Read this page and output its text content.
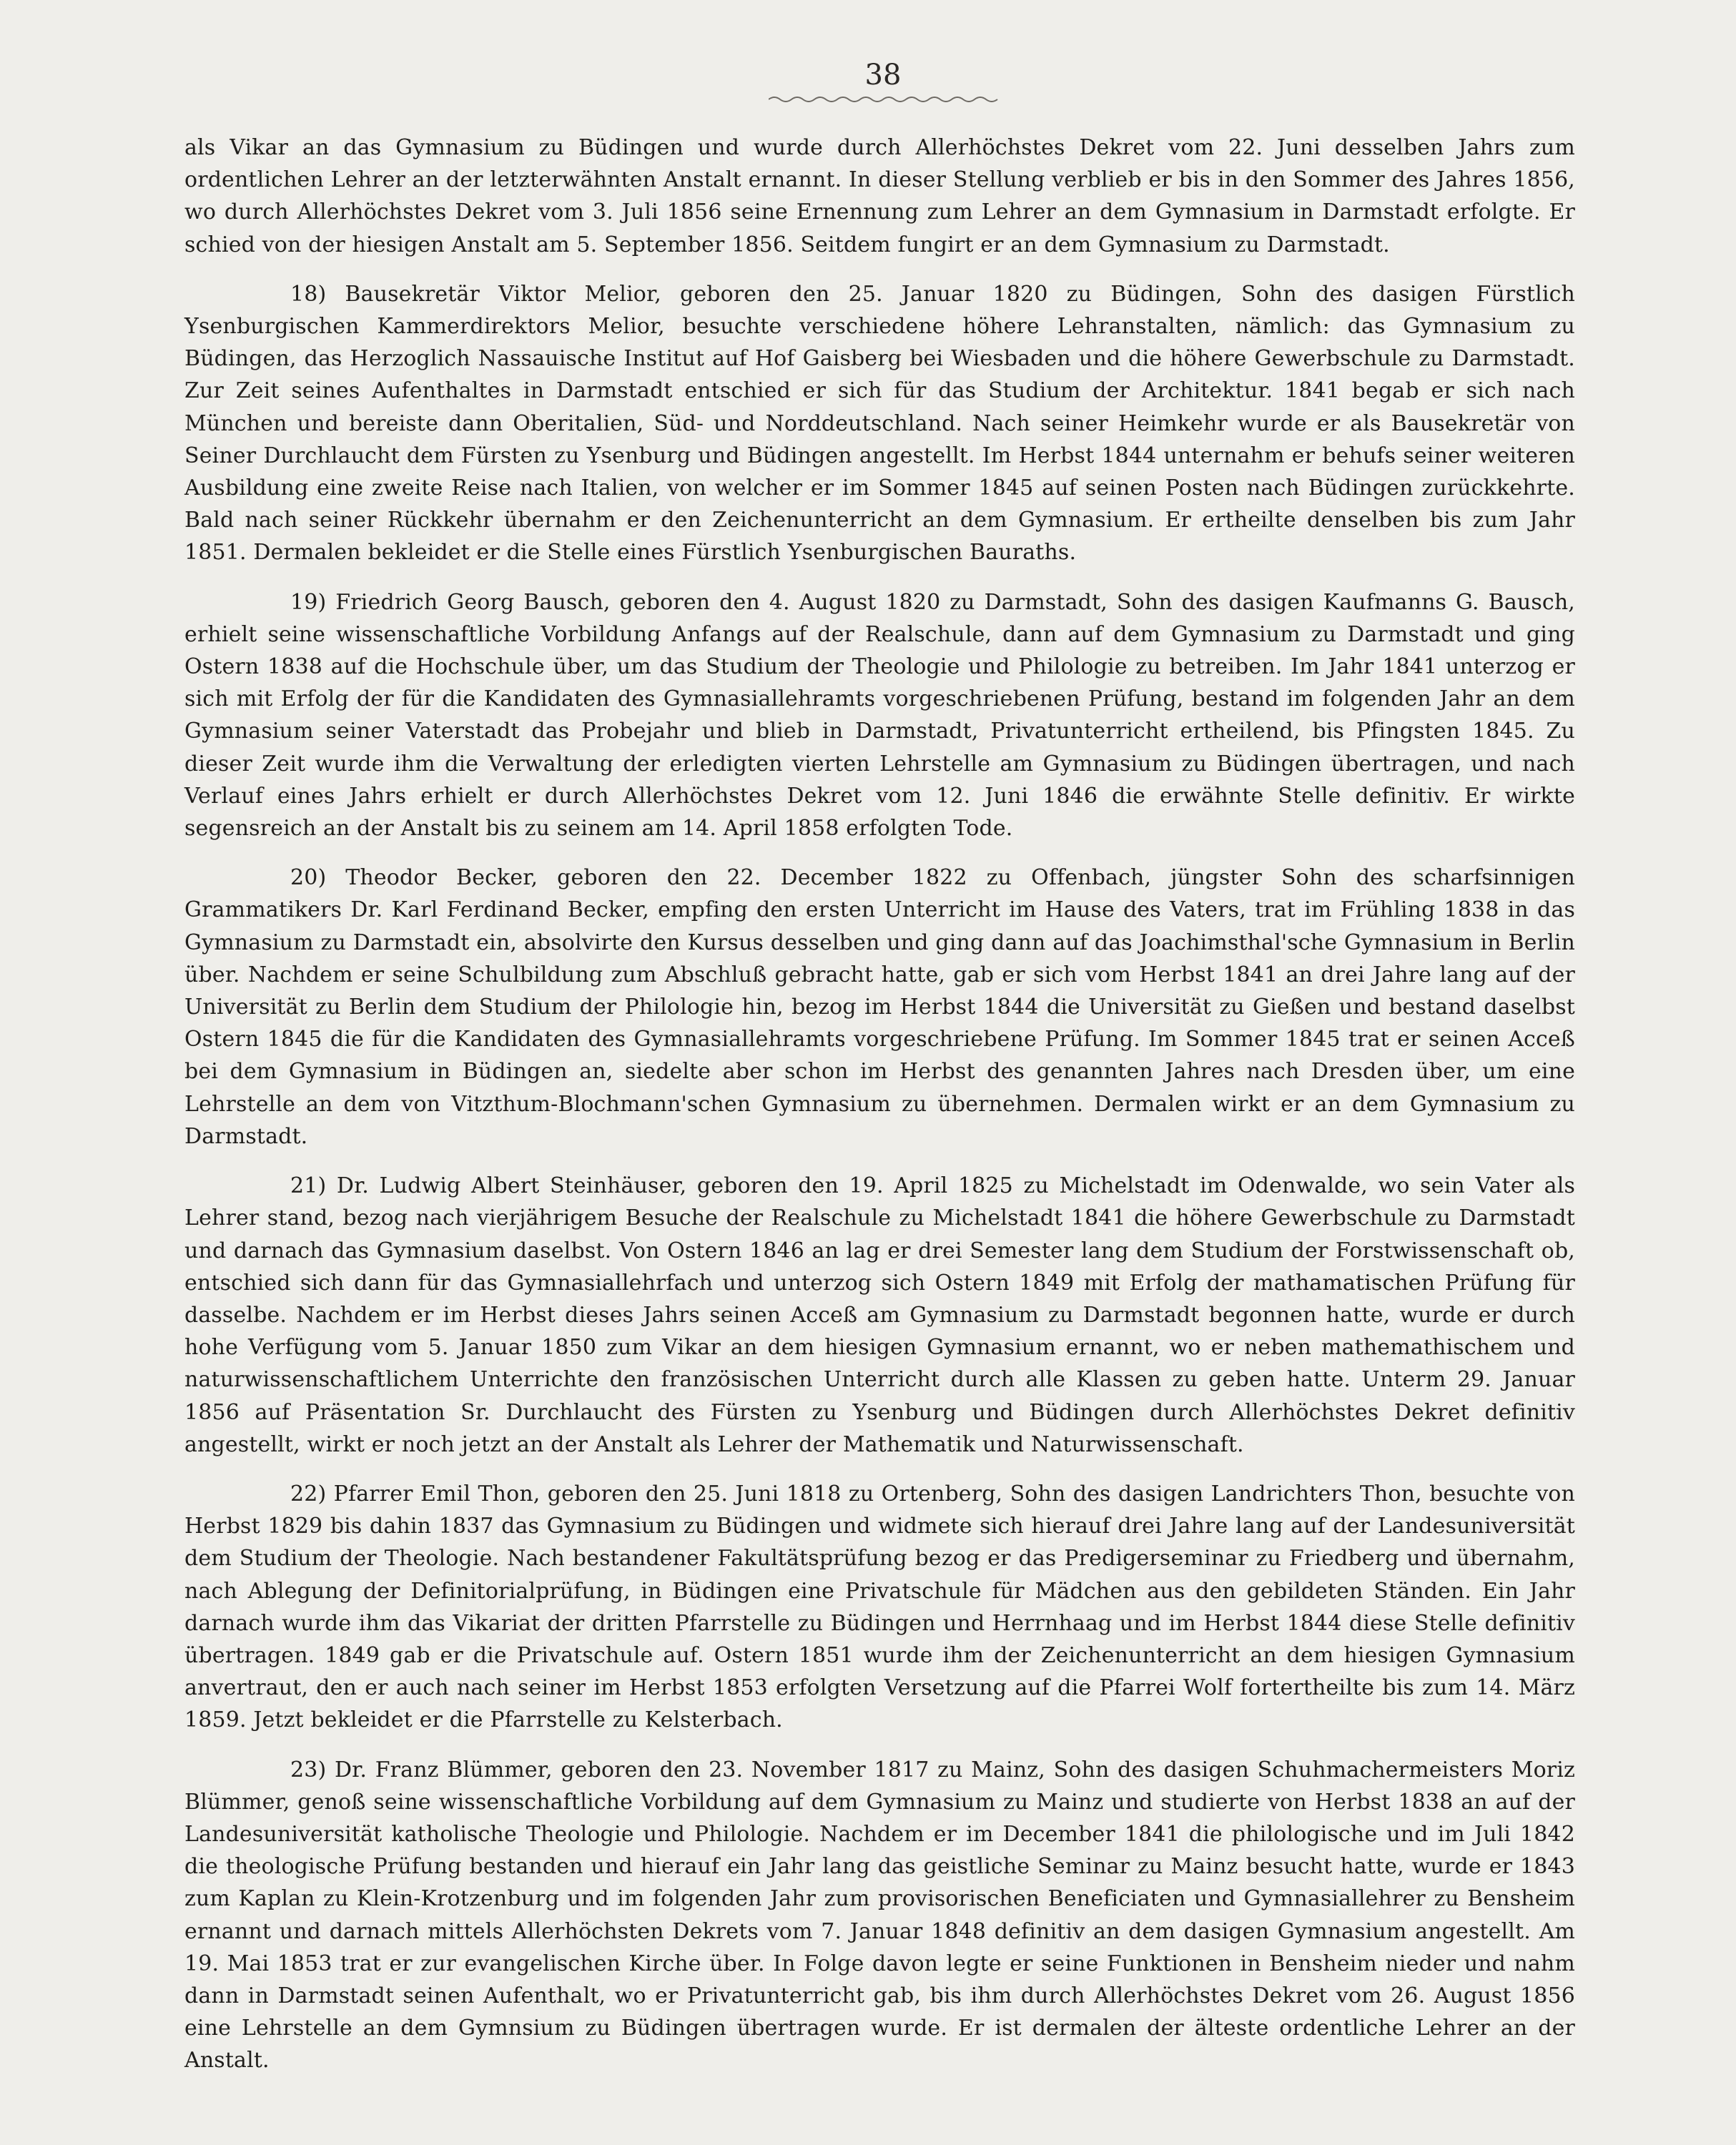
38

als Vikar an das Gymnasium zu Büdingen und wurde durch Allerhöchstes Dekret vom 22. Juni desselben Jahrs zum ordentlichen Lehrer an der letzterwähnten Anstalt ernannt. In dieser Stellung verblieb er bis in den Sommer des Jahres 1856, wo durch Allerhöchstes Dekret vom 3. Juli 1856 seine Ernennung zum Lehrer an dem Gymnasium in Darmstadt erfolgte. Er schied von der hiesigen Anstalt am 5. September 1856. Seitdem fungirt er an dem Gymnasium zu Darmstadt.

18) Bausekretär Viktor Melior, geboren den 25. Januar 1820 zu Büdingen, Sohn des dasigen Fürstlich Ysenburgischen Kammerdirektors Melior, besuchte verschiedene höhere Lehranstalten, nämlich: das Gymnasium zu Büdingen, das Herzoglich Nassauische Institut auf Hof Gaisberg bei Wiesbaden und die höhere Gewerbschule zu Darmstadt. Zur Zeit seines Aufenthaltes in Darmstadt entschied er sich für das Studium der Architektur. 1841 begab er sich nach München und bereiste dann Oberitalien, Süd- und Norddeutschland. Nach seiner Heimkehr wurde er als Bausekretär von Seiner Durchlaucht dem Fürsten zu Ysenburg und Büdingen angestellt. Im Herbst 1844 unternahm er behufs seiner weiteren Ausbildung eine zweite Reise nach Italien, von welcher er im Sommer 1845 auf seinen Posten nach Büdingen zurückkehrte. Bald nach seiner Rückkehr übernahm er den Zeichenunterricht an dem Gymnasium. Er ertheilte denselben bis zum Jahr 1851. Dermalen bekleidet er die Stelle eines Fürstlich Ysenburgischen Bauraths.

19) Friedrich Georg Bausch, geboren den 4. August 1820 zu Darmstadt, Sohn des dasigen Kaufmanns G. Bausch, erhielt seine wissenschaftliche Vorbildung Anfangs auf der Realschule, dann auf dem Gymnasium zu Darmstadt und ging Ostern 1838 auf die Hochschule über, um das Studium der Theologie und Philologie zu betreiben. Im Jahr 1841 unterzog er sich mit Erfolg der für die Kandidaten des Gymnasiallehramts vorgeschriebenen Prüfung, bestand im folgenden Jahr an dem Gymnasium seiner Vaterstadt das Probejahr und blieb in Darmstadt, Privatunterricht ertheilend, bis Pfingsten 1845. Zu dieser Zeit wurde ihm die Verwaltung der erledigten vierten Lehrstelle am Gymnasium zu Büdingen übertragen, und nach Verlauf eines Jahrs erhielt er durch Allerhöchstes Dekret vom 12. Juni 1846 die erwähnte Stelle definitiv. Er wirkte segensreich an der Anstalt bis zu seinem am 14. April 1858 erfolgten Tode.

20) Theodor Becker, geboren den 22. December 1822 zu Offenbach, jüngster Sohn des scharfsinnigen Grammatikers Dr. Karl Ferdinand Becker, empfing den ersten Unterricht im Hause des Vaters, trat im Frühling 1838 in das Gymnasium zu Darmstadt ein, absolvirte den Kursus desselben und ging dann auf das Joachimsthal'sche Gymnasium in Berlin über. Nachdem er seine Schulbildung zum Abschluß gebracht hatte, gab er sich vom Herbst 1841 an drei Jahre lang auf der Universität zu Berlin dem Studium der Philologie hin, bezog im Herbst 1844 die Universität zu Gießen und bestand daselbst Ostern 1845 die für die Kandidaten des Gymnasiallehramts vorgeschriebene Prüfung. Im Sommer 1845 trat er seinen Acceß bei dem Gymnasium in Büdingen an, siedelte aber schon im Herbst des genannten Jahres nach Dresden über, um eine Lehrstelle an dem von Vitzthum-Blochmann'schen Gymnasium zu übernehmen. Dermalen wirkt er an dem Gymnasium zu Darmstadt.

21) Dr. Ludwig Albert Steinhäuser, geboren den 19. April 1825 zu Michelstadt im Odenwalde, wo sein Vater als Lehrer stand, bezog nach vierjährigem Besuche der Realschule zu Michelstadt 1841 die höhere Gewerbschule zu Darmstadt und darnach das Gymnasium daselbst. Von Ostern 1846 an lag er drei Semester lang dem Studium der Forstwissenschaft ob, entschied sich dann für das Gymnasiallehrfach und unterzog sich Ostern 1849 mit Erfolg der mathamatischen Prüfung für dasselbe. Nachdem er im Herbst dieses Jahrs seinen Acceß am Gymnasium zu Darmstadt begonnen hatte, wurde er durch hohe Verfügung vom 5. Januar 1850 zum Vikar an dem hiesigen Gymnasium ernannt, wo er neben mathemathischem und naturwissenschaftlichem Unterrichte den französischen Unterricht durch alle Klassen zu geben hatte. Unterm 29. Januar 1856 auf Präsentation Sr. Durchlaucht des Fürsten zu Ysenburg und Büdingen durch Allerhöchstes Dekret definitiv angestellt, wirkt er noch jetzt an der Anstalt als Lehrer der Mathematik und Naturwissenschaft.

22) Pfarrer Emil Thon, geboren den 25. Juni 1818 zu Ortenberg, Sohn des dasigen Landrichters Thon, besuchte von Herbst 1829 bis dahin 1837 das Gymnasium zu Büdingen und widmete sich hierauf drei Jahre lang auf der Landesuniversität dem Studium der Theologie. Nach bestandener Fakultätsprüfung bezog er das Predigerseminar zu Friedberg und übernahm, nach Ablegung der Definitorialprüfung, in Büdingen eine Privatschule für Mädchen aus den gebildeten Ständen. Ein Jahr darnach wurde ihm das Vikariat der dritten Pfarrstelle zu Büdingen und Herrnhaag und im Herbst 1844 diese Stelle definitiv übertragen. 1849 gab er die Privatschule auf. Ostern 1851 wurde ihm der Zeichenunterricht an dem hiesigen Gymnasium anvertraut, den er auch nach seiner im Herbst 1853 erfolgten Versetzung auf die Pfarrei Wolf fortertheilte bis zum 14. März 1859. Jetzt bekleidet er die Pfarrstelle zu Kelsterbach.

23) Dr. Franz Blümmer, geboren den 23. November 1817 zu Mainz, Sohn des dasigen Schuhmachermeisters Moriz Blümmer, genoß seine wissenschaftliche Vorbildung auf dem Gymnasium zu Mainz und studierte von Herbst 1838 an auf der Landesuniversität katholische Theologie und Philologie. Nachdem er im December 1841 die philologische und im Juli 1842 die theologische Prüfung bestanden und hierauf ein Jahr lang das geistliche Seminar zu Mainz besucht hatte, wurde er 1843 zum Kaplan zu Klein-Krotzenburg und im folgenden Jahr zum provisorischen Beneficiaten und Gymnasiallehrer zu Bensheim ernannt und darnach mittels Allerhöchsten Dekrets vom 7. Januar 1848 definitiv an dem dasigen Gymnasium angestellt. Am 19. Mai 1853 trat er zur evangelischen Kirche über. In Folge davon legte er seine Funktionen in Bensheim nieder und nahm dann in Darmstadt seinen Aufenthalt, wo er Privatunterricht gab, bis ihm durch Allerhöchstes Dekret vom 26. August 1856 eine Lehrstelle an dem Gymnsium zu Büdingen übertragen wurde. Er ist dermalen der älteste ordentliche Lehrer an der Anstalt.
